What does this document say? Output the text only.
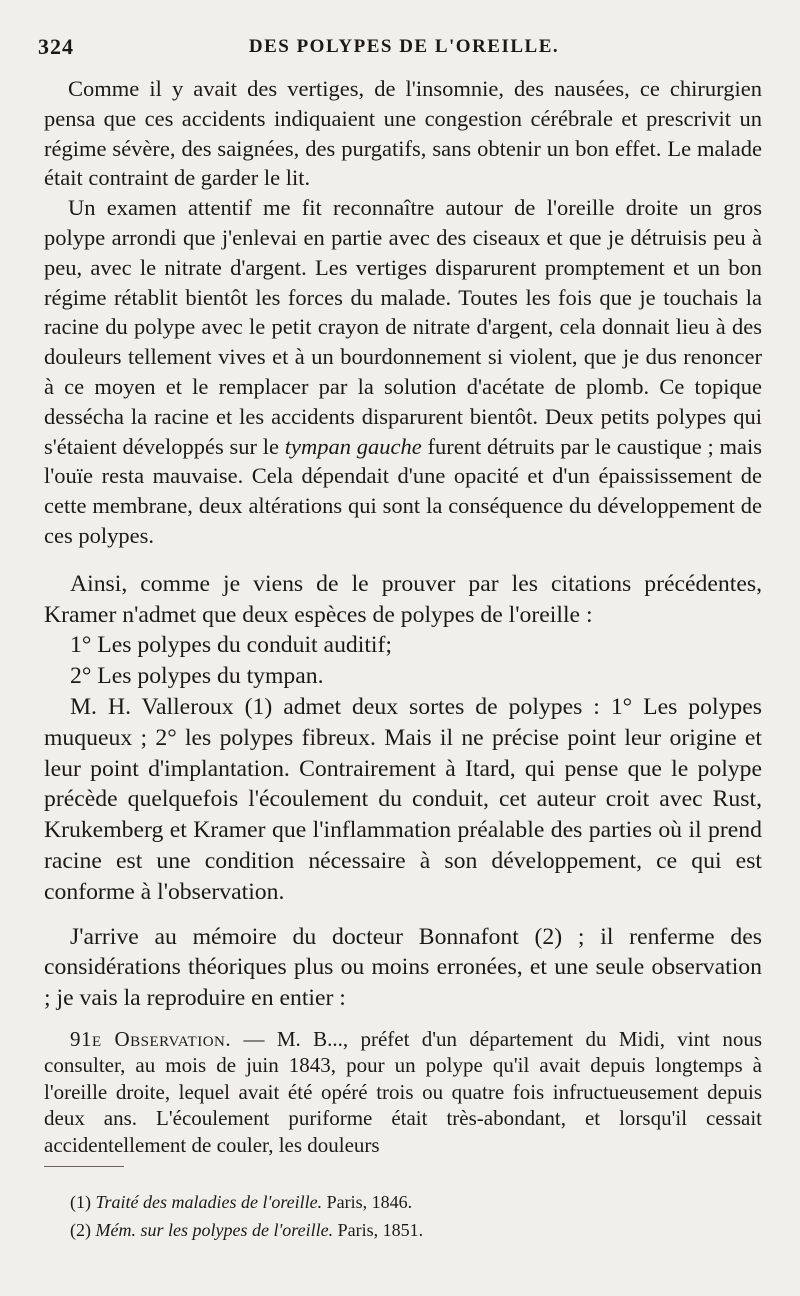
324	DES POLYPES DE L'OREILLE.

Comme il y avait des vertiges, de l'insomnie, des nausées, ce chirurgien pensa que ces accidents indiquaient une congestion cérébrale et prescrivit un régime sévère, des saignées, des purgatifs, sans obtenir un bon effet. Le malade était contraint de garder le lit.

Un examen attentif me fit reconnaître autour de l'oreille droite un gros polype arrondi que j'enlevai en partie avec des ciseaux et que je détruisis peu à peu, avec le nitrate d'argent. Les vertiges disparurent promptement et un bon régime rétablit bientôt les forces du malade. Toutes les fois que je touchais la racine du polype avec le petit crayon de nitrate d'argent, cela donnait lieu à des douleurs tellement vives et à un bourdonnement si violent, que je dus renoncer à ce moyen et le remplacer par la solution d'acétate de plomb. Ce topique dessécha la racine et les accidents disparurent bientôt. Deux petits polypes qui s'étaient développés sur le tympan gauche furent détruits par le caustique ; mais l'ouïe resta mauvaise. Cela dépendait d'une opacité et d'un épaississement de cette membrane, deux altérations qui sont la conséquence du développement de ces polypes.

Ainsi, comme je viens de le prouver par les citations précédentes, Kramer n'admet que deux espèces de polypes de l'oreille :

1° Les polypes du conduit auditif;

2° Les polypes du tympan.

M. H. Valleroux (1) admet deux sortes de polypes : 1° Les polypes muqueux ; 2° les polypes fibreux. Mais il ne précise point leur origine et leur point d'implantation. Contrairement à Itard, qui pense que le polype précède quelquefois l'écoulement du conduit, cet auteur croit avec Rust, Krukemberg et Kramer que l'inflammation préalable des parties où il prend racine est une condition nécessaire à son développement, ce qui est conforme à l'observation.

J'arrive au mémoire du docteur Bonnafont (2) ; il renferme des considérations théoriques plus ou moins erronées, et une seule observation ; je vais la reproduire en entier :

91e Observation. — M. B..., préfet d'un département du Midi, vint nous consulter, au mois de juin 1843, pour un polype qu'il avait depuis longtemps à l'oreille droite, lequel avait été opéré trois ou quatre fois infructueusement depuis deux ans. L'écoulement puriforme était très-abondant, et lorsqu'il cessait accidentellement de couler, les douleurs

(1) Traité des maladies de l'oreille. Paris, 1846.

(2) Mém. sur les polypes de l'oreille. Paris, 1851.
